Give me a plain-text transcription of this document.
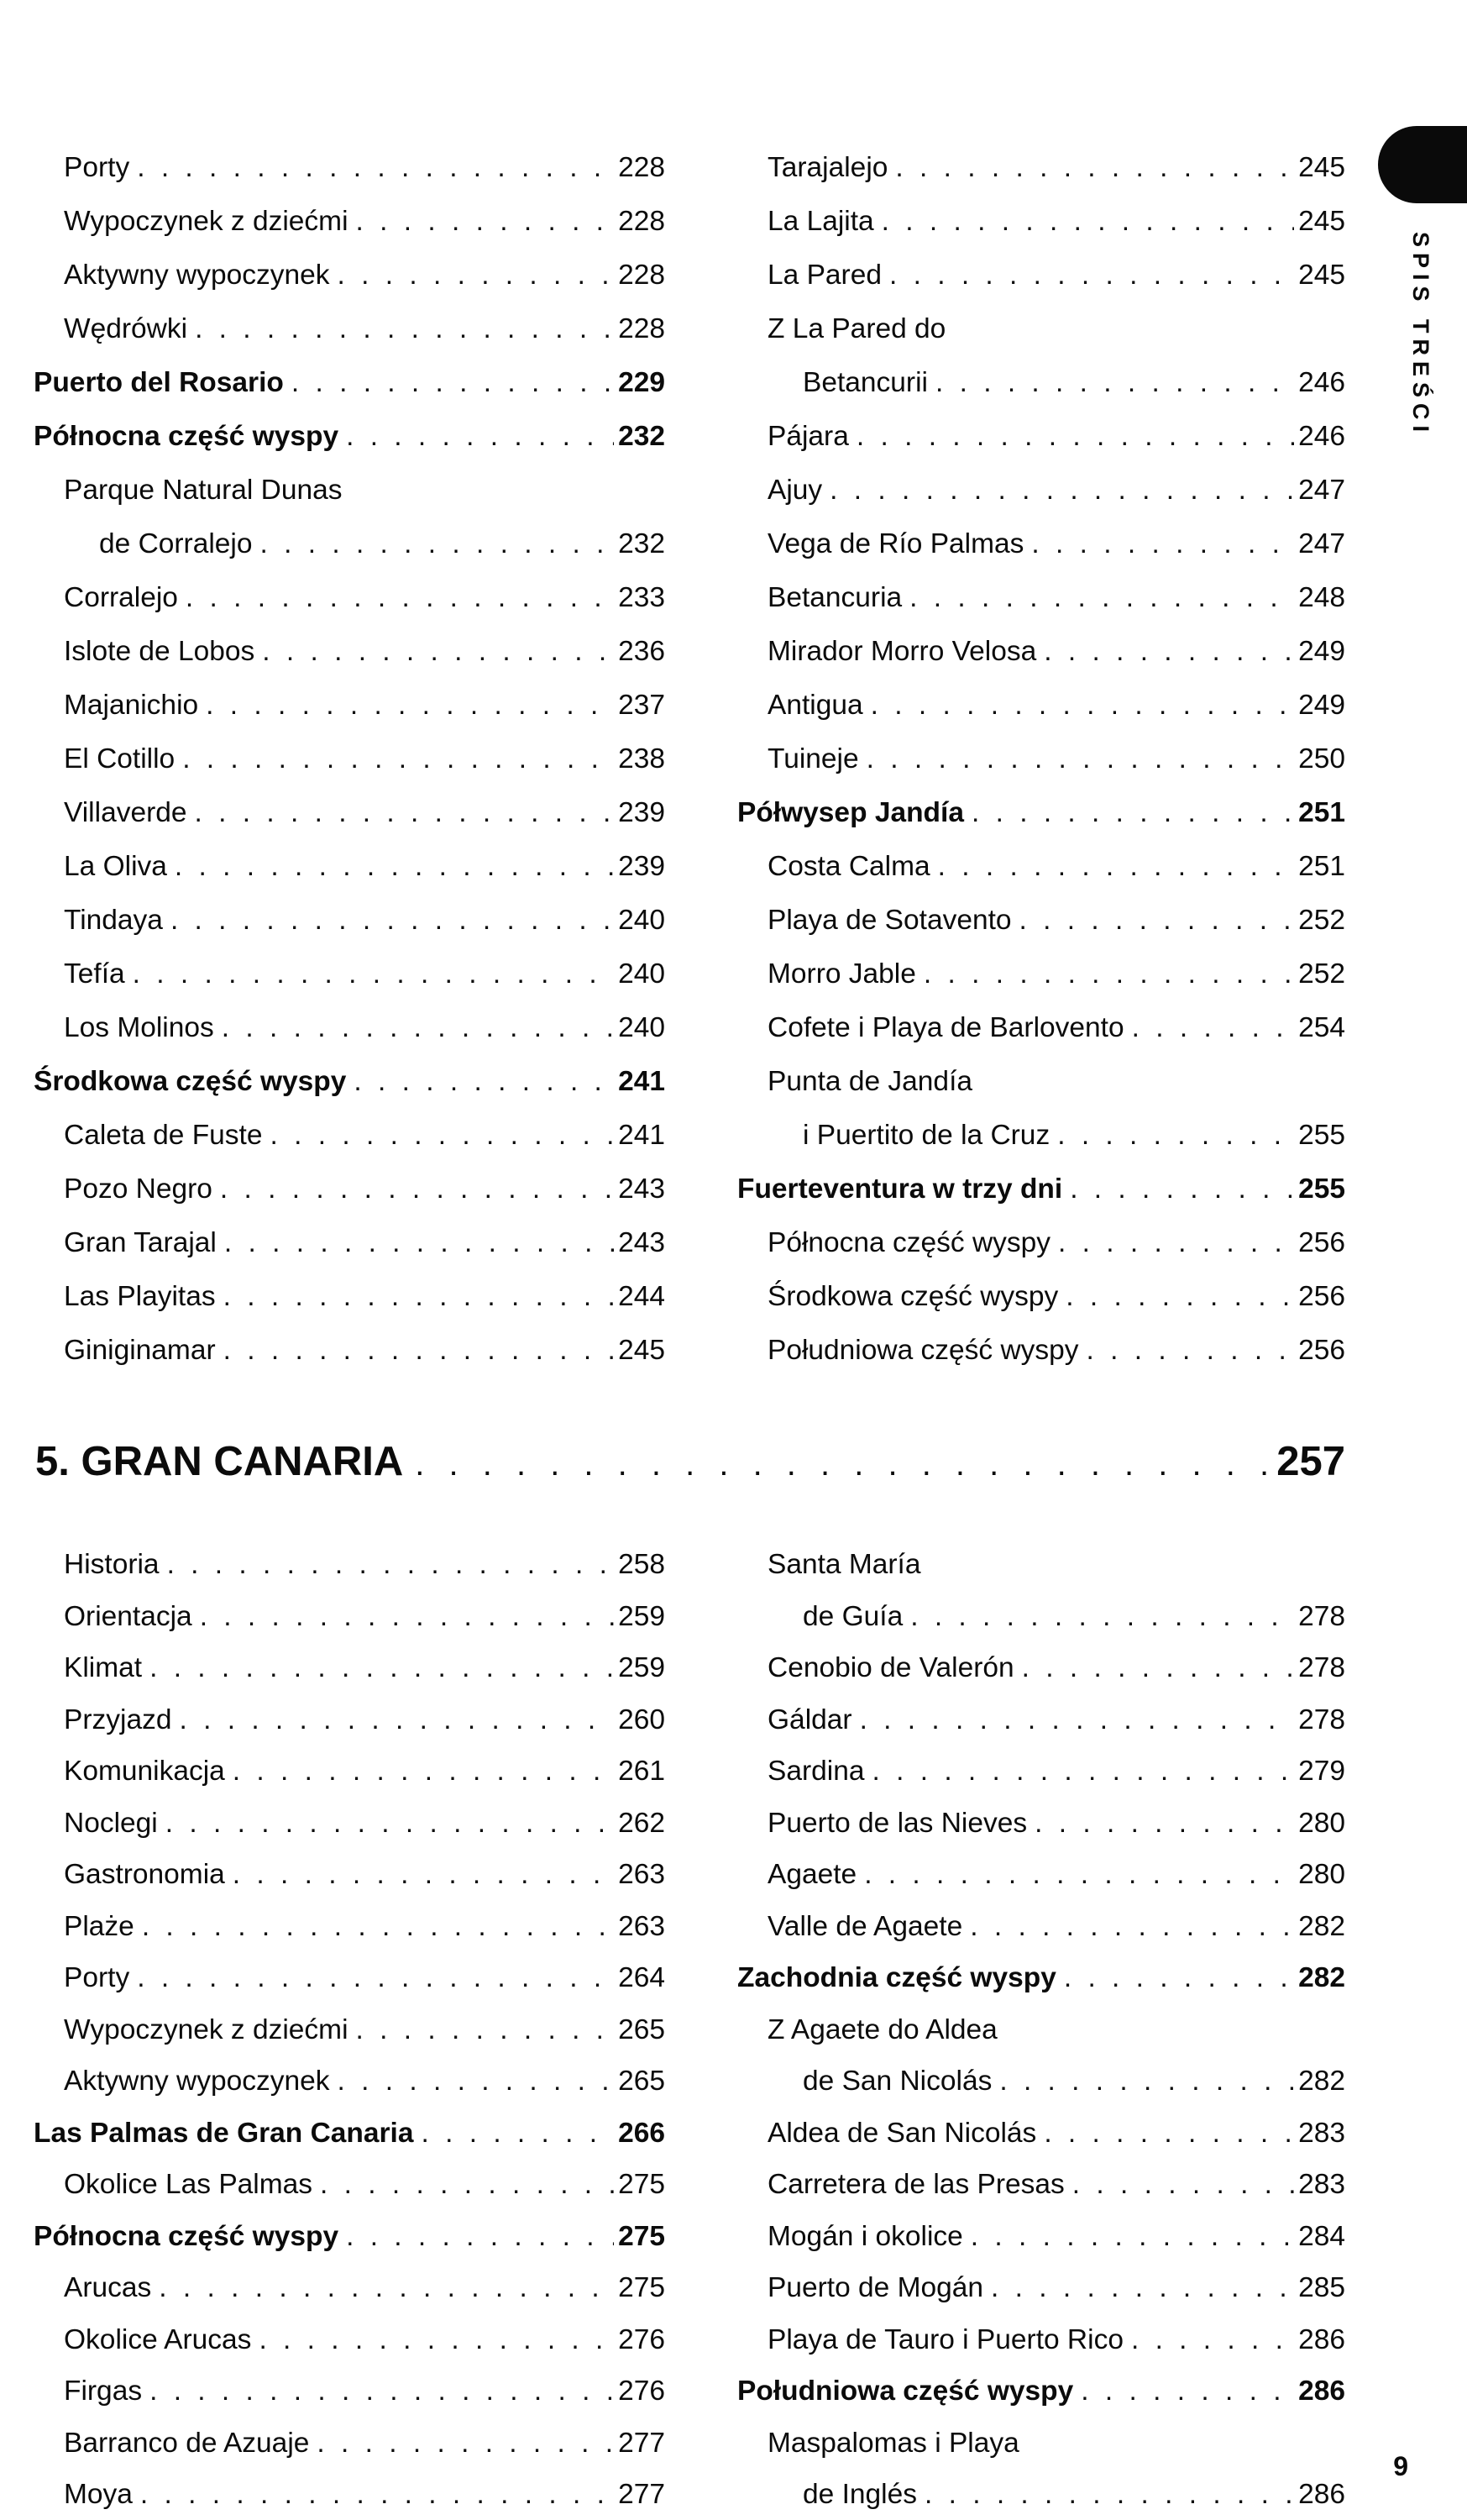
Porty . . .	228
Wypoczynek z dziećmi . . .	228
Aktywny wypoczynek . . .	228
Wędrówki . . .	228
Puerto del Rosario . . .	229
Północna część wyspy . . .	232
Parque Natural Dunas
de Corralejo . . .	232
Corralejo . . .	233
Islote de Lobos . . .	236
Majanichio . . .	237
El Cotillo . . .	238
Villaverde . . .	239
La Oliva . . .	239
Tindaya . . .	240
Tefía . . .	240
Los Molinos . . .	240
Środkowa część wyspy . . .	241
Caleta de Fuste . . .	241
Pozo Negro . . .	243
Gran Tarajal . . .	243
Las Playitas . . .	244
Giniginamar . . .	245
Tarajalejo . . .	245
La Lajita . . .	245
La Pared . . .	245
Z La Pared do
Betancurii . . .	246
Pájara . . .	246
Ajuy . . .	247
Vega de Río Palmas . . .	247
Betancuria . . .	248
Mirador Morro Velosa . . .	249
Antigua . . .	249
Tuineje . . .	250
Półwysep Jandía . . .	251
Costa Calma . . .	251
Playa de Sotavento . . .	252
Morro Jable . . .	252
Cofete i Playa de Barlovento . . .	254
Punta de Jandía
i Puertito de la Cruz . . .	255
Fuerteventura w trzy dni . . .	255
Północna część wyspy . . .	256
Środkowa część wyspy . . .	256
Południowa część wyspy . . .	256
5. GRAN CANARIA . . .	257
Historia . . .	258
Orientacja . . .	259
Klimat . . .	259
Przyjazd . . .	260
Komunikacja . . .	261
Noclegi . . .	262
Gastronomia . . .	263
Plaże . . .	263
Porty . . .	264
Wypoczynek z dziećmi . . .	265
Aktywny wypoczynek . . .	265
Las Palmas de Gran Canaria . . .	266
Okolice Las Palmas . . .	275
Północna część wyspy . . .	275
Arucas . . .	275
Okolice Arucas . . .	276
Firgas . . .	276
Barranco de Azuaje . . .	277
Moya . . .	277
Santa María
de Guía . . .	278
Cenobio de Valerón . . .	278
Gáldar . . .	278
Sardina . . .	279
Puerto de las Nieves . . .	280
Agaete . . .	280
Valle de Agaete . . .	282
Zachodnia część wyspy . . .	282
Z Agaete do Aldea
de San Nicolás . . .	282
Aldea de San Nicolás . . .	283
Carretera de las Presas . . .	283
Mogán i okolice . . .	284
Puerto de Mogán . . .	285
Playa de Tauro i Puerto Rico . . .	286
Południowa część wyspy . . .	286
Maspalomas i Playa
de Inglés . . .	286
SPIS TREŚCI
9
